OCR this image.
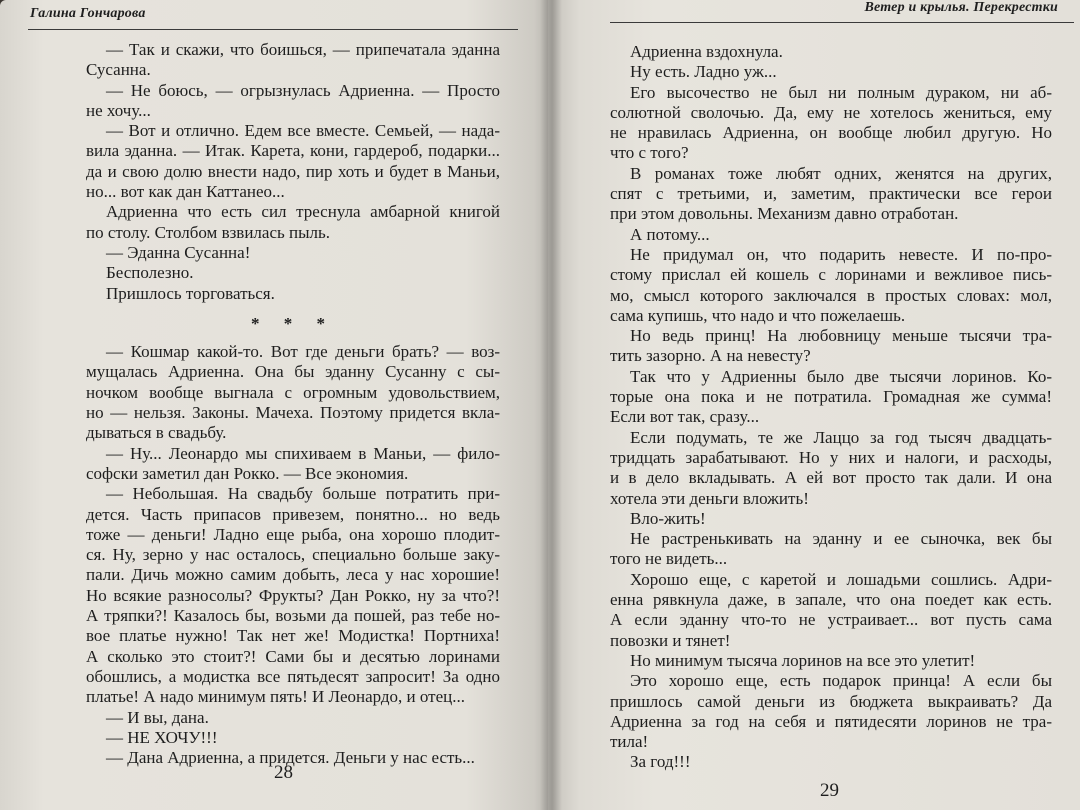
Галина Гончарова
— Так и скажи, что боишься, — припечатала эданна
Сусанна.
— Не боюсь, — огрызнулась Адриенна. — Просто
не хочу...
— Вот и отлично. Едем все вместе. Семьей, — нада-
вила эданна. — Итак. Карета, кони, гардероб, подарки...
да и свою долю внести надо, пир хоть и будет в Маньи,
но... вот как дан Каттанео...
Адриенна что есть сил треснула амбарной книгой
по столу. Столбом взвилась пыль.
— Эданна Сусанна!
Бесполезно.
Пришлось торговаться.
* * *
— Кошмар какой-то. Вот где деньги брать? — воз-
мущалась Адриенна. Она бы эданну Сусанну с сы-
ночком вообще выгнала с огромным удовольствием,
но — нельзя. Законы. Мачеха. Поэтому придется вкла-
дываться в свадьбу.
— Ну... Леонардо мы спихиваем в Маньи, — фило-
софски заметил дан Рокко. — Все экономия.
— Небольшая. На свадьбу больше потратить при-
дется. Часть припасов привезем, понятно... но ведь
тоже — деньги! Ладно еще рыба, она хорошо плодит-
ся. Ну, зерно у нас осталось, специально больше заку-
пали. Дичь можно самим добыть, леса у нас хорошие!
Но всякие разносолы? Фрукты? Дан Рокко, ну за что?!
А тряпки?! Казалось бы, возьми да пошей, раз тебе но-
вое платье нужно! Так нет же! Модистка! Портниха!
А сколько это стоит?! Сами бы и десятью лоринами
обошлись, а модистка все пятьдесят запросит! За одно
платье! А надо минимум пять! И Леонардо, и отец...
— И вы, дана.
— НЕ ХОЧУ!!!
— Дана Адриенна, а придется. Деньги у нас есть...
28
Ветер и крылья. Перекрестки
Адриенна вздохнула.
Ну есть. Ладно уж...
Его высочество не был ни полным дураком, ни аб-
солютной сволочью. Да, ему не хотелось жениться, ему
не нравилась Адриенна, он вообще любил другую. Но
что с того?
В романах тоже любят одних, женятся на других,
спят с третьими, и, заметим, практически все герои
при этом довольны. Механизм давно отработан.
А потому...
Не придумал он, что подарить невесте. И по-про-
стому прислал ей кошель с лоринами и вежливое пись-
мо, смысл которого заключался в простых словах: мол,
сама купишь, что надо и что пожелаешь.
Но ведь принц! На любовницу меньше тысячи тра-
тить зазорно. А на невесту?
Так что у Адриенны было две тысячи лоринов. Ко-
торые она пока и не потратила. Громадная же сумма!
Если вот так, сразу...
Если подумать, те же Лаццо за год тысяч двадцать-
тридцать зарабатывают. Но у них и налоги, и расходы,
и в дело вкладывать. А ей вот просто так дали. И она
хотела эти деньги вложить!
Вло-жить!
Не растренькивать на эданну и ее сыночка, век бы
того не видеть...
Хорошо еще, с каретой и лошадьми сошлись. Адри-
енна рявкнула даже, в запале, что она поедет как есть.
А если эданну что-то не устраивает... вот пусть сама
повозки и тянет!
Но минимум тысяча лоринов на все это улетит!
Это хорошо еще, есть подарок принца! А если бы
пришлось самой деньги из бюджета выкраивать? Да
Адриенна за год на себя и пятидесяти лоринов не тра-
тила!
За год!!!
29
